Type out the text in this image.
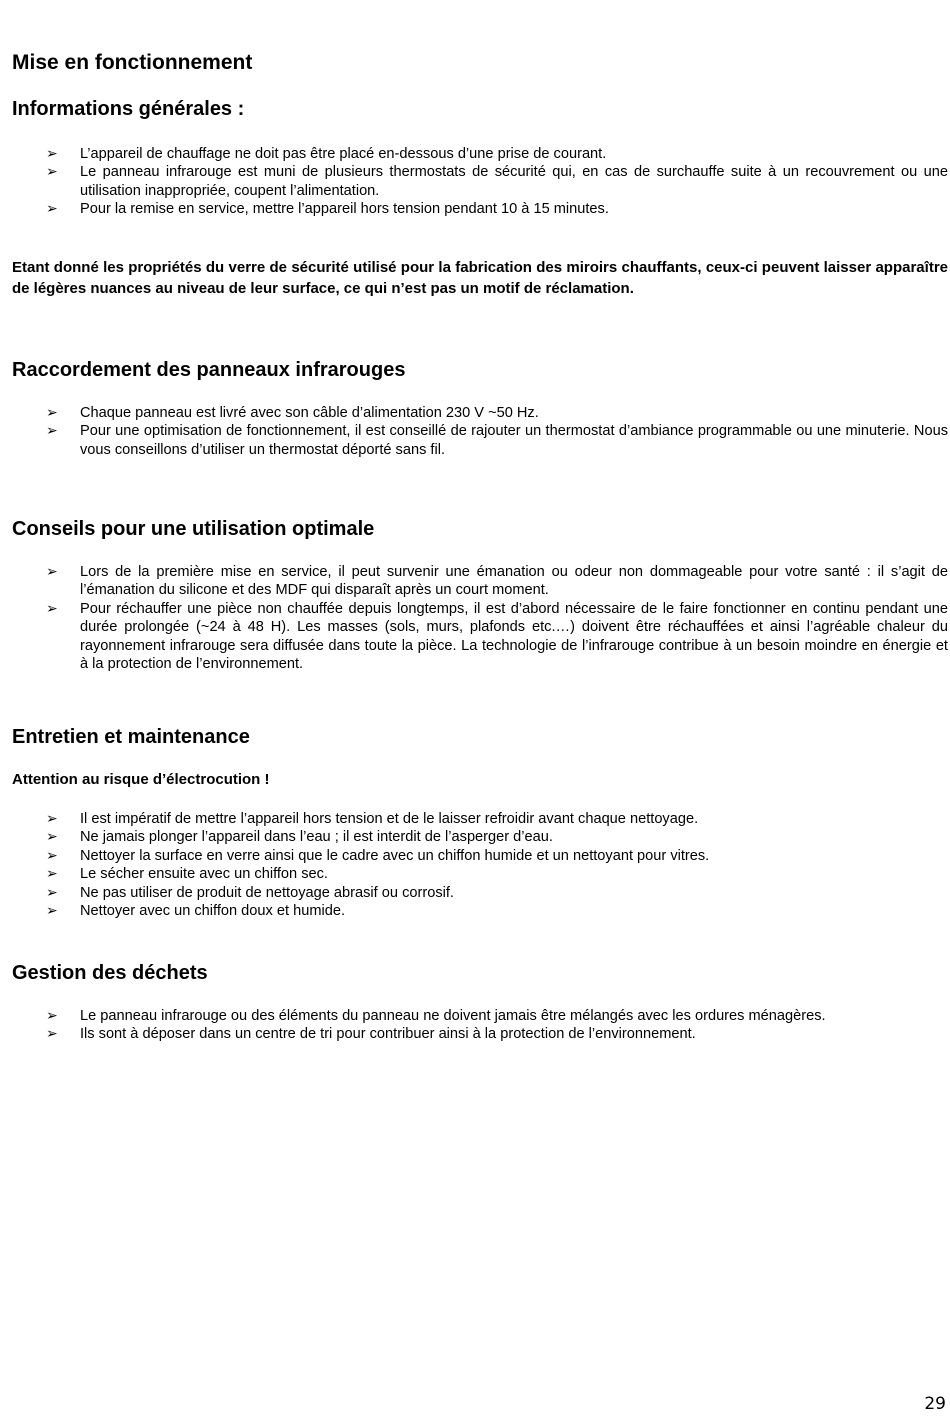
Mise en fonctionnement
Informations générales :
➢ L’appareil de chauffage ne doit pas être placé en-dessous d’une prise de courant.
➢ Le panneau infrarouge est muni de plusieurs thermostats de sécurité qui, en cas de surchauffe suite à un recouvrement ou une utilisation inappropriée, coupent l’alimentation.
➢ Pour la remise en service, mettre l’appareil hors tension pendant 10 à 15 minutes.

Etant donné les propriétés du verre de sécurité utilisé pour la fabrication des miroirs chauffants, ceux-ci peuvent laisser apparaître de légères nuances au niveau de leur surface, ce qui n’est pas un motif de réclamation.

Raccordement des panneaux infrarouges
➢ Chaque panneau est livré avec son câble d’alimentation 230 V ~50 Hz.
➢ Pour une optimisation de fonctionnement, il est conseillé de rajouter un thermostat d’ambiance programmable ou une minuterie. Nous vous conseillons d’utiliser un thermostat déporté sans fil.
Conseils pour une utilisation optimale
➢ Lors de la première mise en service, il peut survenir une émanation ou odeur non dommageable pour votre santé : il s’agit de l’émanation du silicone et des MDF qui disparaît après un court moment.
➢ Pour réchauffer une pièce non chauffée depuis longtemps, il est d’abord nécessaire de le faire fonctionner en continu pendant une durée prolongée (~24 à 48 H). Les masses (sols, murs, plafonds etc.…) doivent être réchauffées et ainsi l’agréable chaleur du rayonnement infrarouge sera diffusée dans toute la pièce. La technologie de l’infrarouge contribue à un besoin moindre en énergie et à la protection de l’environnement.
Entretien et maintenance
Attention au risque d’électrocution !
➢ Il est impératif de mettre l’appareil hors tension et de le laisser refroidir avant chaque nettoyage.
➢ Ne jamais plonger l’appareil dans l’eau ; il est interdit de l’asperger d’eau.
➢ Nettoyer la surface en verre ainsi que le cadre avec un chiffon humide et un nettoyant pour vitres.
➢ Le sécher ensuite avec un chiffon sec.
➢ Ne pas utiliser de produit de nettoyage abrasif ou corrosif.
➢ Nettoyer avec un chiffon doux et humide.
Gestion des déchets
➢ Le panneau infrarouge ou des éléments du panneau ne doivent jamais être mélangés avec les ordures ménagères.
➢ Ils sont à déposer dans un centre de tri pour contribuer ainsi à la protection de l’environnement.
29
